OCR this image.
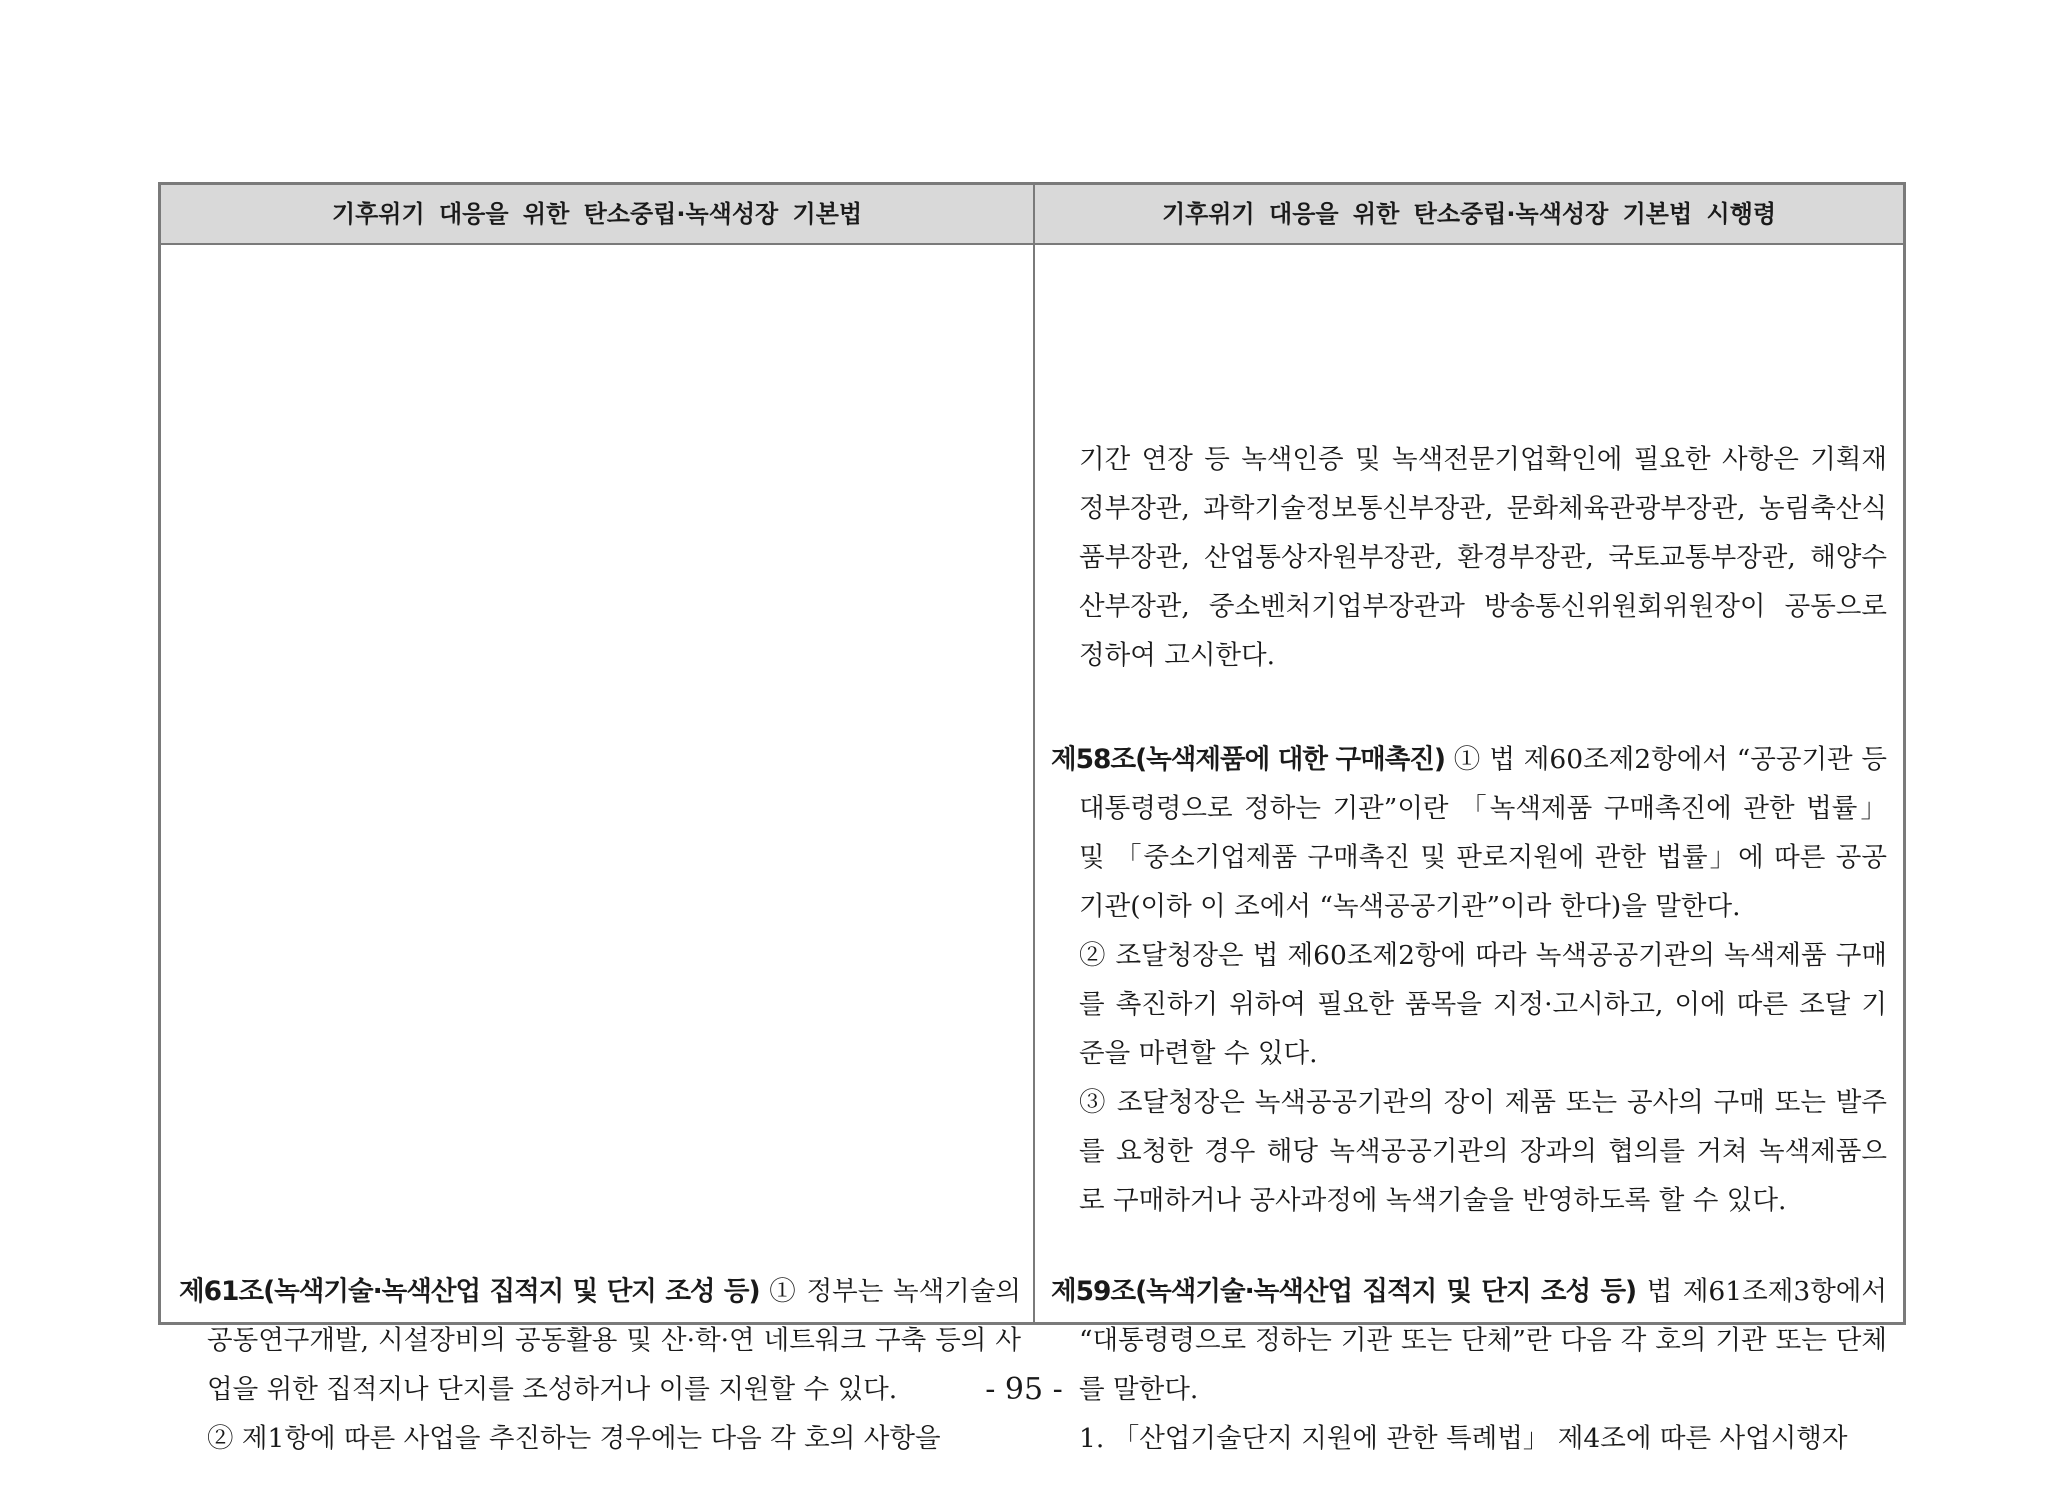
기후위기 대응을 위한 탄소중립·녹색성장 기본법	기후위기 대응을 위한 탄소중립·녹색성장 기본법 시행령

기간 연장 등 녹색인증 및 녹색전문기업확인에 필요한 사항은 기획재정부장관, 과학기술정보통신부장관, 문화체육관광부장관, 농림축산식품부장관, 산업통상자원부장관, 환경부장관, 국토교통부장관, 해양수산부장관, 중소벤처기업부장관과 방송통신위원회위원장이 공동으로 정하여 고시한다.

제58조(녹색제품에 대한 구매촉진) ① 법 제60조제2항에서 “공공기관 등 대통령령으로 정하는 기관”이란 「녹색제품 구매촉진에 관한 법률」 및 「중소기업제품 구매촉진 및 판로지원에 관한 법률」에 따른 공공기관(이하 이 조에서 “녹색공공기관”이라 한다)을 말한다.

② 조달청장은 법 제60조제2항에 따라 녹색공공기관의 녹색제품 구매를 촉진하기 위하여 필요한 품목을 지정·고시하고, 이에 따른 조달 기준을 마련할 수 있다.

③ 조달청장은 녹색공공기관의 장이 제품 또는 공사의 구매 또는 발주를 요청한 경우 해당 녹색공공기관의 장과의 협의를 거쳐 녹색제품으로 구매하거나 공사과정에 녹색기술을 반영하도록 할 수 있다.

제61조(녹색기술·녹색산업 집적지 및 단지 조성 등) ① 정부는 녹색기술의 공동연구개발, 시설장비의 공동활용 및 산·학·연 네트워크 구축 등의 사업을 위한 집적지나 단지를 조성하거나 이를 지원할 수 있다.

② 제1항에 따른 사업을 추진하는 경우에는 다음 각 호의 사항을

제59조(녹색기술·녹색산업 집적지 및 단지 조성 등) 법 제61조제3항에서 “대통령령으로 정하는 기관 또는 단체”란 다음 각 호의 기관 또는 단체를 말한다.

1. 「산업기술단지 지원에 관한 특례법」 제4조에 따른 사업시행자

- 95 -
